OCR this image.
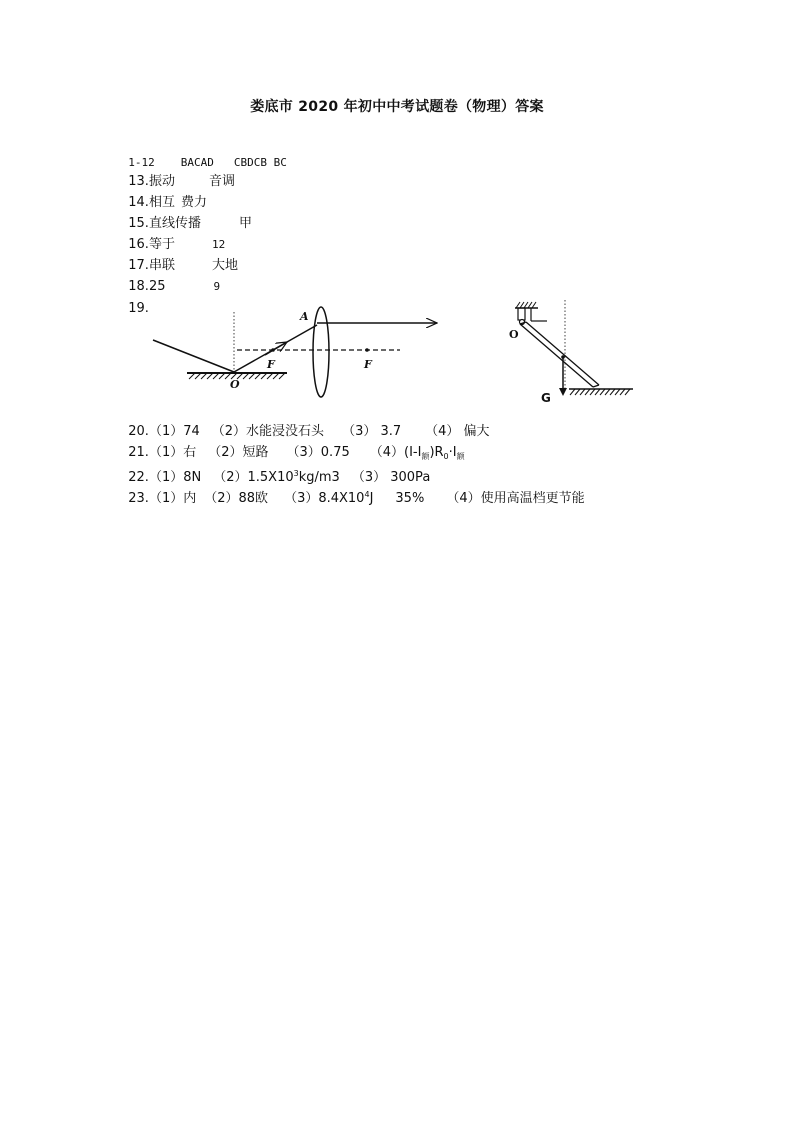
娄底市 2020 年初中中考试题卷（物理）答案

1-12 BACAD CBDCB BC

13.振动	音调

14.相互 费力

15.直线传播	甲

16.等于	12

17.串联	大地

18.25	9

19.

A
O
F	F
O
G

20.（1）74 （2）水能浸没石头 （3） 3.7 （4） 偏大

21.（1）右 （2）短路 （3）0.75 $(4)(I-I_额)R_0\cdot I_额$

22.（1）8N $(2)1.5X10^3kg/m3$ （3） 300Pa

23.（1）内 （2）88欧 $(3)8.4X10^4J$ 35% （4）使用高温档更节能
